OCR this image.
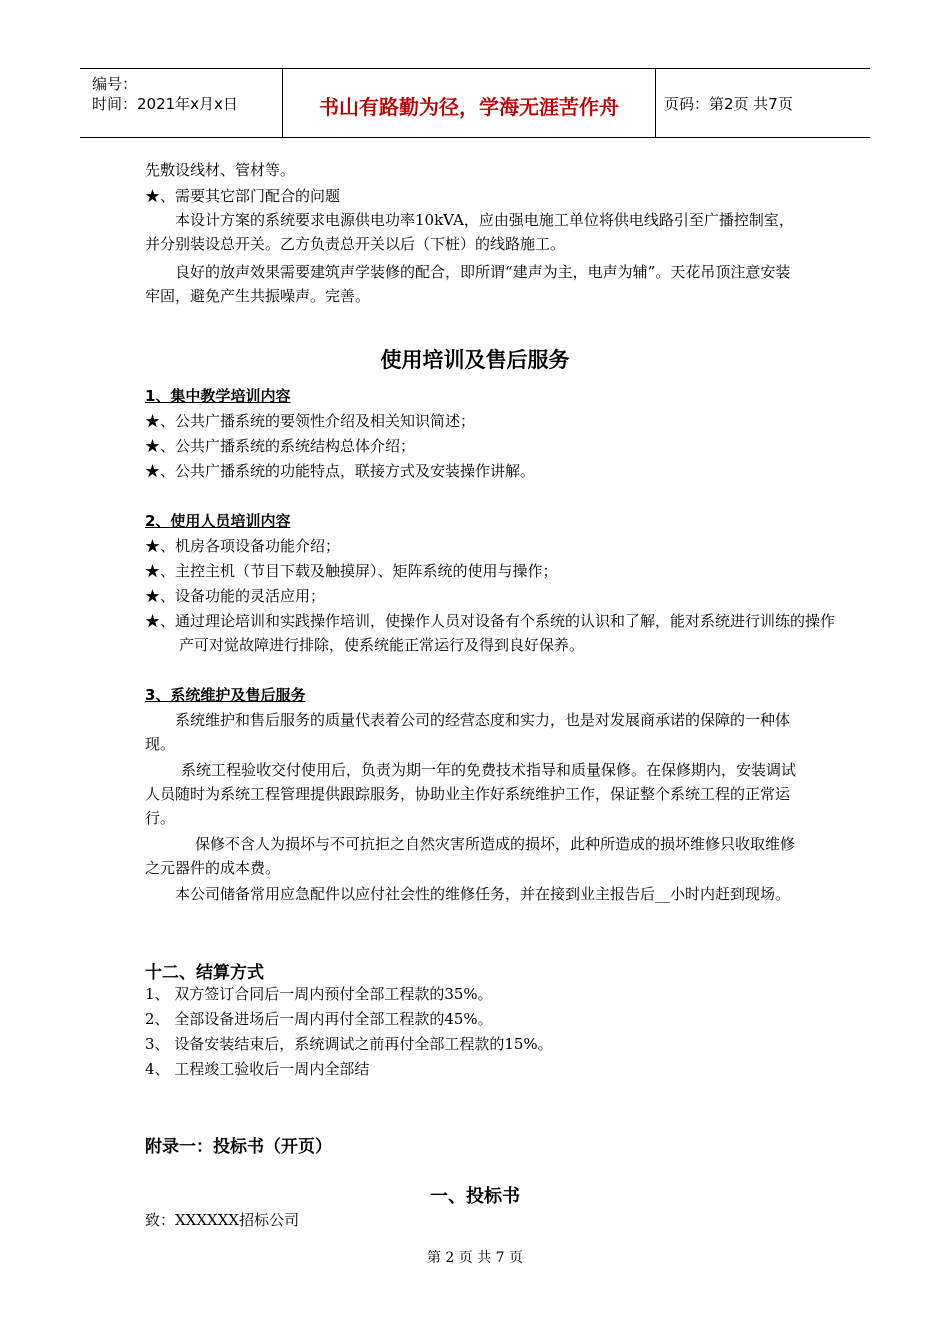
编号：
时间：2021年x月x日	书山有路勤为径，学海无涯苦作舟	页码：第2页 共7页
先敷设线材、管材等。
★、需要其它部门配合的问题
本设计方案的系统要求电源供电功率10kVA，应由强电施工单位将供电线路引至广播控制室，并分别装设总开关。乙方负责总开关以后（下桩）的线路施工。
良好的放声效果需要建筑声学装修的配合，即所谓“建声为主，电声为辅”。天花吊顶注意安装牢固，避免产生共振噪声。完善。
使用培训及售后服务
1、集中教学培训内容
★、公共广播系统的要领性介绍及相关知识简述；
★、公共广播系统的系统结构总体介绍；
★、公共广播系统的功能特点，联接方式及安装操作讲解。
2、使用人员培训内容
★、机房各项设备功能介绍；
★、主控主机（节目下载及触摸屏）、矩阵系统的使用与操作；
★、设备功能的灵活应用；
★、通过理论培训和实践操作培训，使操作人员对设备有个系统的认识和了解，能对系统进行训练的操作产可对觉故障进行排除，使系统能正常运行及得到良好保养。
3、系统维护及售后服务
系统维护和售后服务的质量代表着公司的经营态度和实力，也是对发展商承诺的保障的一种体现。
系统工程验收交付使用后，负责为期一年的免费技术指导和质量保修。在保修期内，安装调试人员随时为系统工程管理提供跟踪服务，协助业主作好系统维护工作，保证整个系统工程的正常运行。
保修不含人为损坏与不可抗拒之自然灾害所造成的损坏，此种所造成的损坏维修只收取维修之元器件的成本费。
本公司储备常用应急配件以应付社会性的维修任务，并在接到业主报告后__小时内赶到现场。
十二、结算方式
1、 双方签订合同后一周内预付全部工程款的35%。
2、 全部设备进场后一周内再付全部工程款的45%。
3、 设备安装结束后，系统调试之前再付全部工程款的15%。
4、 工程竣工验收后一周内全部结
附录一：投标书（开页）
一、投标书
致：XXXXXX招标公司
第 2 页 共 7 页
